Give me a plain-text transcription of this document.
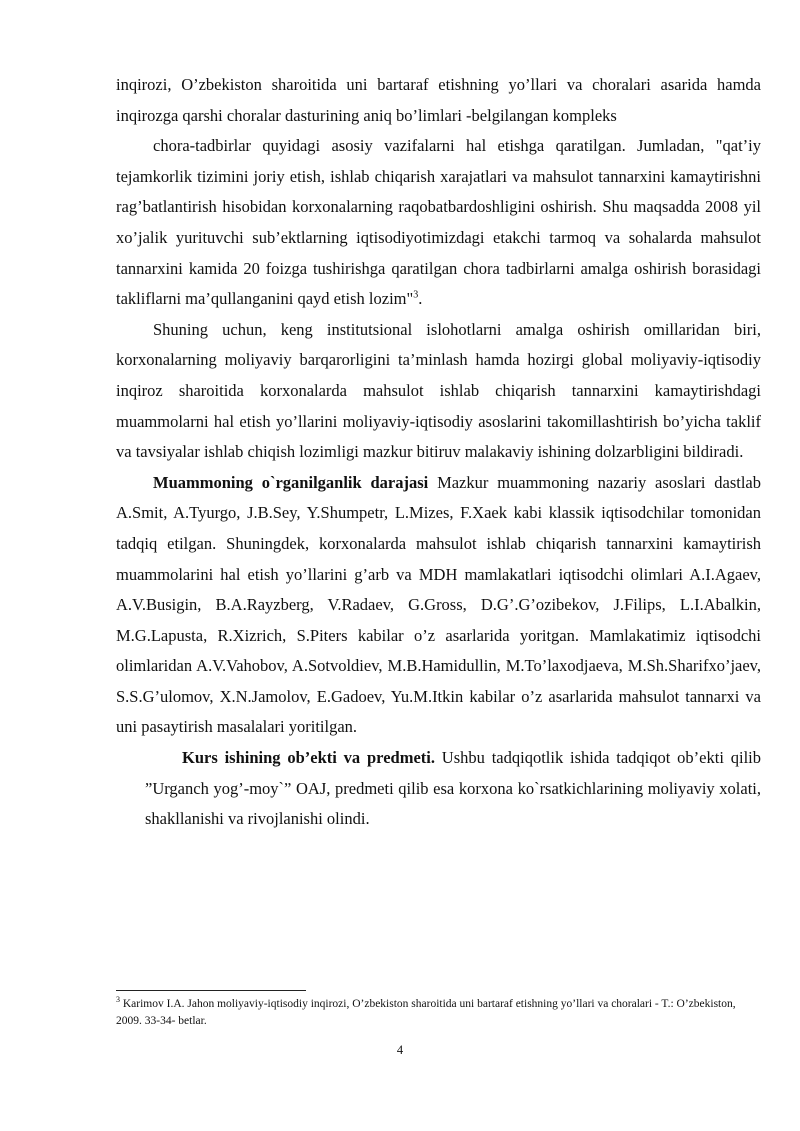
inqirozi, O’zbekiston sharoitida uni bartaraf etishning yo’llari va choralari asarida hamda inqirozga qarshi choralar dasturining aniq bo’limlari -belgilangan kompleks

chora-tadbirlar quyidagi asosiy vazifalarni hal etishga qaratilgan. Jumladan, "qat’iy tejamkorlik tizimini joriy etish, ishlab chiqarish xarajatlari va mahsulot tannarxini kamaytirishni rag’batlantirish hisobidan korxonalarning raqobatbardoshligini oshirish. Shu maqsadda 2008 yil xo’jalik yurituvchi sub’ektlarning iqtisodiyotimizdagi etakchi tarmoq va sohalarda mahsulot tannarxini kamida 20 foizga tushirishga qaratilgan chora tadbirlarni amalga oshirish borasidagi takliflarni ma’qullanganini qayd etish lozim"$^3$.

Shuning uchun, keng institutsional islohotlarni amalga oshirish omillaridan biri, korxonalarning moliyaviy barqarorligini ta’minlash hamda hozirgi global moliyaviy-iqtisodiy inqiroz sharoitida korxonalarda mahsulot ishlab chiqarish tannarxini kamaytirishdagi muammolarni hal etish yo’llarini moliyaviy-iqtisodiy asoslarini takomillashtirish bo’yicha taklif va tavsiyalar ishlab chiqish lozimligi mazkur bitiruv malakaviy ishining dolzarbligini bildiradi.

Muammoning o`rganilganlik darajasi Mazkur muammoning nazariy asoslari dastlab A.Smit, A.Tyurgo, J.B.Sey, Y.Shumpetr, L.Mizes, F.Xaek kabi klassik iqtisodchilar tomonidan tadqiq etilgan. Shuningdek, korxonalarda mahsulot ishlab chiqarish tannarxini kamaytirish muammolarini hal etish yo’llarini g’arb va MDH mamlakatlari iqtisodchi olimlari A.I.Agaev, A.V.Busigin, B.A.Rayzberg, V.Radaev, G.Gross, D.G’.G’ozibekov, J.Filips, L.I.Abalkin, M.G.Lapusta, R.Xizrich, S.Piters kabilar o’z asarlarida yoritgan. Mamlakatimiz iqtisodchi olimlaridan A.V.Vahobov, A.Sotvoldiev, M.B.Hamidullin, M.To’laxodjaeva, M.Sh.Sharifxo’jaev, S.S.G’ulomov, X.N.Jamolov, E.Gadoev, Yu.M.Itkin kabilar o’z asarlarida mahsulot tannarxi va uni pasaytirish masalalari yoritilgan.

Kurs ishining ob’ekti va predmeti. Ushbu tadqiqotlik ishida tadqiqot ob’ekti qilib ”Urganch yog’-moy`” OAJ, predmeti qilib esa korxona ko`rsatkichlarining moliyaviy xolati, shakllanishi va rivojlanishi olindi.

$^3$ Karimov I.A. Jahon moliyaviy-iqtisodiy inqirozi, O’zbekiston sharoitida uni bartaraf etishning yo’llari va choralari - T.: O’zbekiston, 2009. 33-34- betlar.
4
